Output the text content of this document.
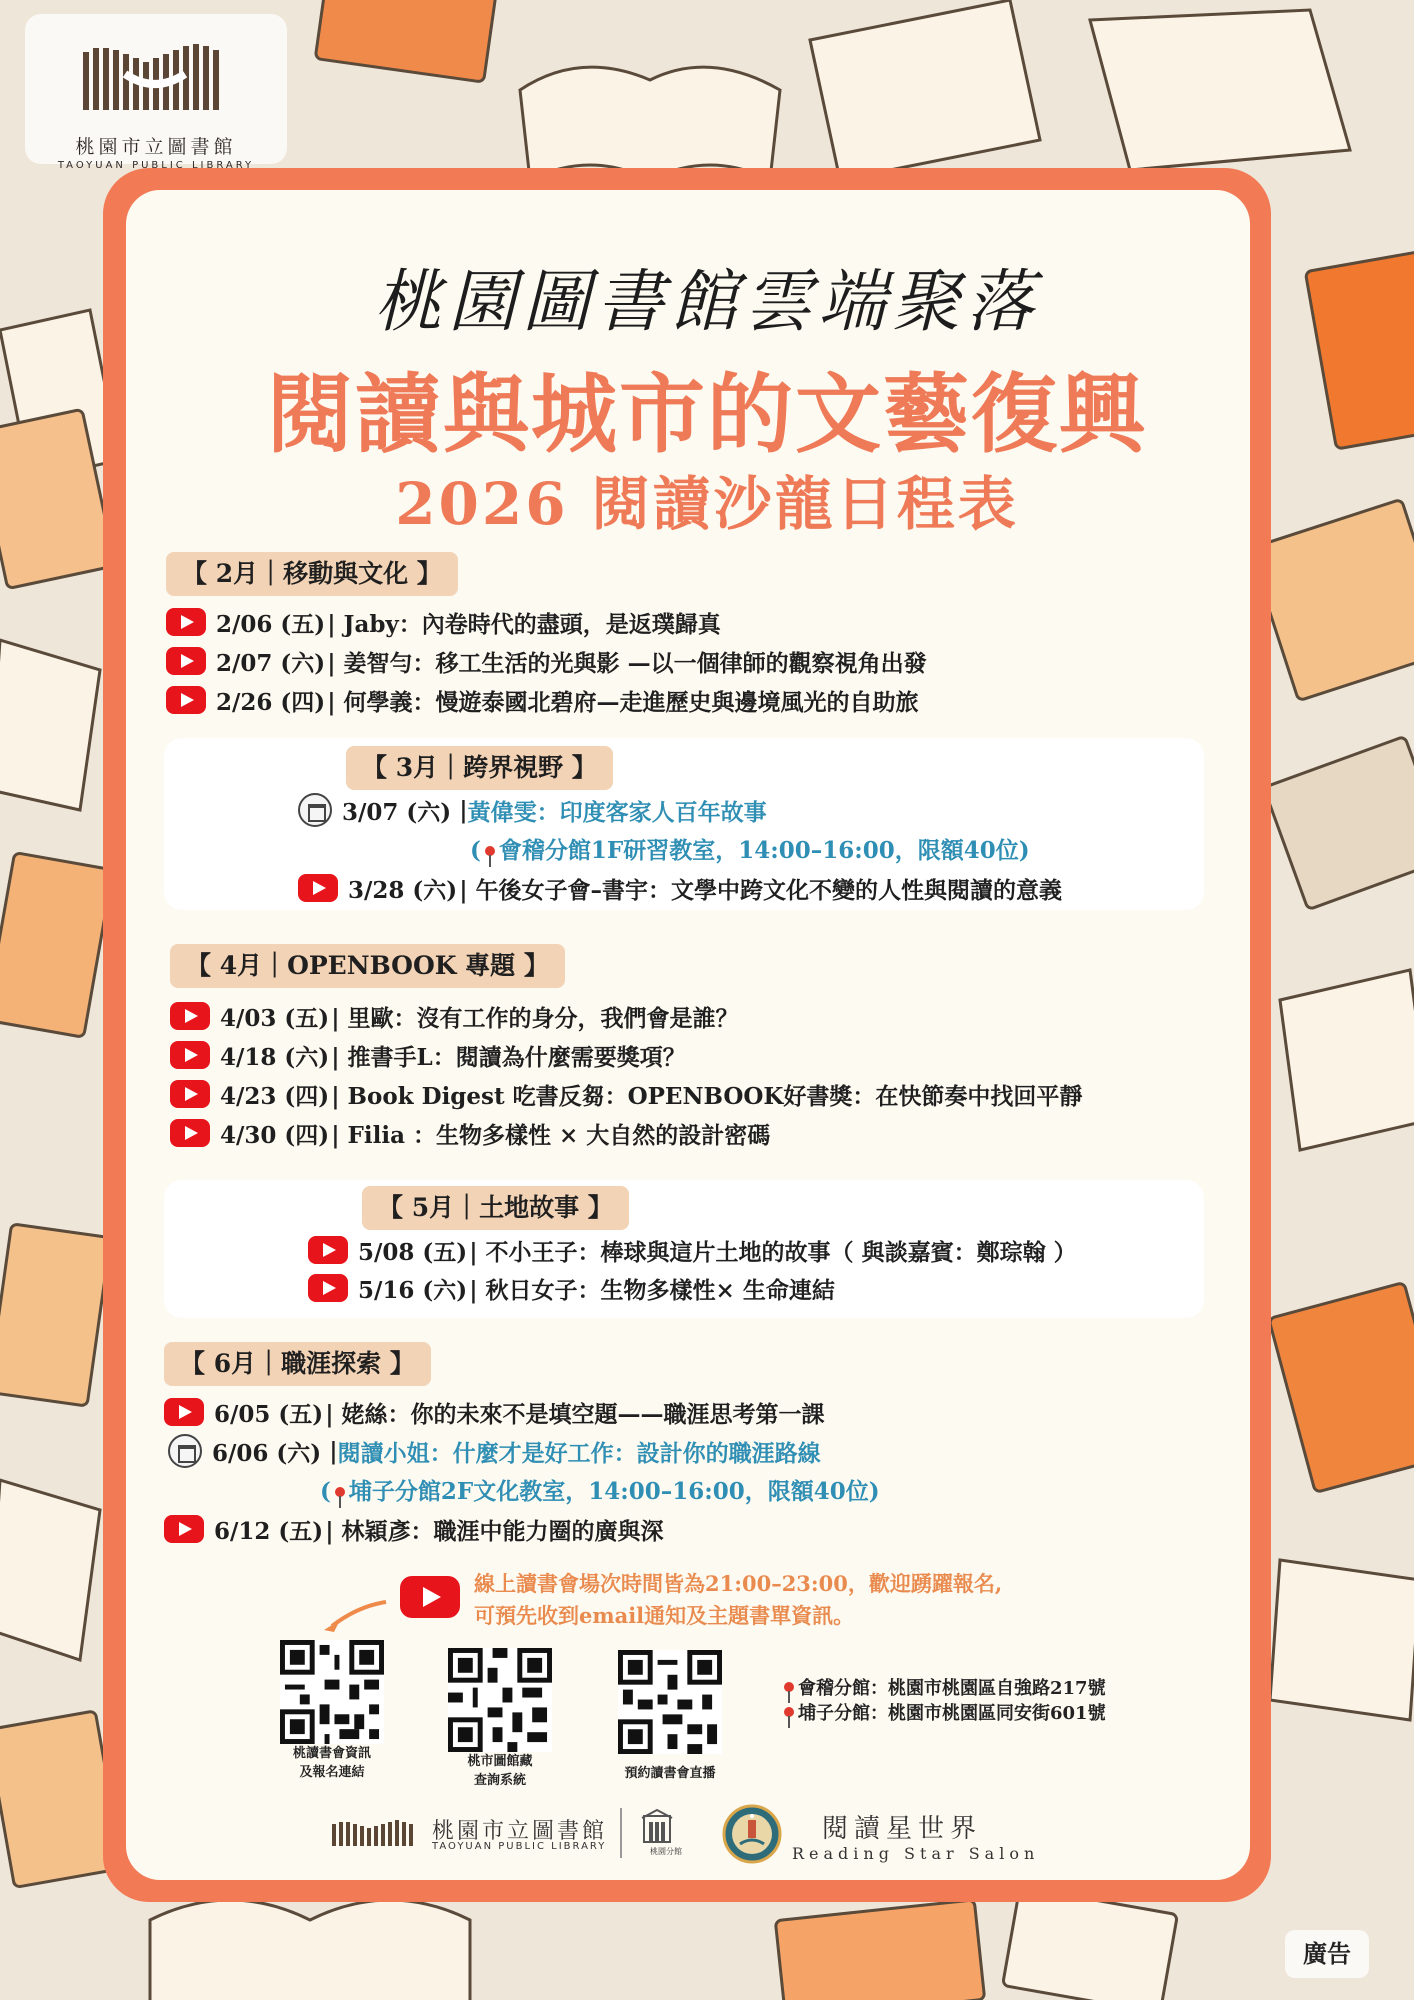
桃園市立圖書館
TAOYUAN PUBLIC LIBRARY
桃園圖書館雲端聚落
閱讀與城市的文藝復興
2026 閱讀沙龍日程表
【 2月｜移動與文化 】
2/06 (五) | Jaby：內卷時代的盡頭，是返璞歸真
2/07 (六) | 姜智勻：移工生活的光與影 —以一個律師的觀察視角出發
2/26 (四) | 何學義：慢遊泰國北碧府—走進歷史與邊境風光的自助旅
【 3月｜跨界視野 】
3/07 (六) | 黃偉雯：印度客家人百年故事
( 會稽分館1F研習教室，14:00–16:00，限額40位)
3/28 (六) | 午後女子會–書宇：文學中跨文化不變的人性與閱讀的意義
【 4月｜OPENBOOK 專題 】
4/03 (五) | 里歐：沒有工作的身分，我們會是誰？
4/18 (六) | 推書手L：閱讀為什麼需要獎項？
4/23 (四) | Book Digest 吃書反芻：OPENBOOK好書獎：在快節奏中找回平靜
4/30 (四) | Filia ：生物多樣性 × 大自然的設計密碼
【 5月｜土地故事 】
5/08 (五) | 不小王子：棒球與這片土地的故事（ 與談嘉賓：鄭琮翰 ）
5/16 (六) | 秋日女子：生物多樣性× 生命連結
【 6月｜職涯探索 】
6/05 (五) | 姥絲：你的未來不是填空題——職涯思考第一課
6/06 (六) | 閱讀小姐：什麼才是好工作：設計你的職涯路線
( 埔子分館2F文化教室，14:00–16:00，限額40位)
6/12 (五) | 林穎彥：職涯中能力圈的廣與深
線上讀書會場次時間皆為21:00–23:00，歡迎踴躍報名,
可預先收到email通知及主題書單資訊。
桃讀書會資訊
及報名連結
桃市圖館藏
查詢系統	預約讀書會直播
會稽分館：桃園市桃園區自強路217號
埔子分館：桃園市桃園區同安街601號
桃園市立圖書館
TAOYUAN PUBLIC LIBRARY	桃園分館
閱讀星世界
Reading Star Salon
廣告
